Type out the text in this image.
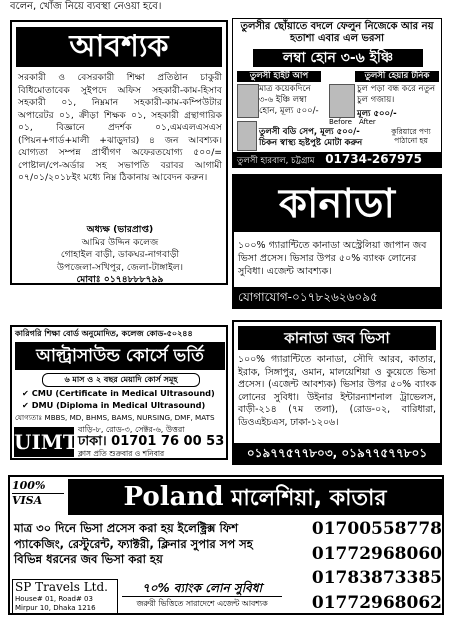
বলেন, খোঁজ নিয়ে ব্যবস্থা নেওয়া হবে।
আবশ্যক
সরকারী ও বেসরকারী শিক্ষা প্রতিষ্ঠান চাকুরী বিধিমোতাবেক সুইপদে অফিস সহকারী-কাম-হিসাব সহকারী ০১, নিম্নমান সহকারী-কাম-কম্পিউটার অপারেটর ০১, ক্রীড়া শিক্ষক ০১, সহকারী গ্রন্থাগারিক ০১, বিজ্ঞানে প্রদর্শক ০১,এমএলএসএস (পিয়ন+গার্ড+মালী +ঝাড়ুদার) ৪ জন আবশ্যক। যোগ্যতা সম্পন্ন প্রার্থীগণ অফেরতযোগ্য ৫০০/= পোষ্টাল/পে-অর্ডার সহ সভাপতি বরাবর আগামী ০৭/০১/২০১৮ইং মধ্যে নিম্ন ঠিকানায় আবেদন করুন।
অধ্যক্ষ (ভারপ্রাপ্ত)
আমির উদ্দিন কলেজ
গোহাইল বাড়ী, ডাকঘর-নাগবাড়ী
উপজেলা-সখিপুর, জেলা-টাঙ্গাইল।
মোবাঃ ০১৭৪৮৮৮৭৯৯
তুলসীর ছোঁয়াতে বদলে ফেলুন নিজেকে আর নয় হতাশা এবার এল ভরসা
লম্বা হোন ৩-৬ ইঞ্চি
তুলসী হাইট আপ	তুলসী হেয়ার টনিক
মাত্র কয়েকদিনে ৩-৬ ইঞ্চি লম্বা হোন, মূল্য ৫০০/-
চুল পড়া বন্ধ করে নতুন চুল গজায়।
মূল্য ৫০০/-
Before	After
তুলসী বডি সেপ, মূল্য ৫০০/- চিকন স্বাস্থ্য হৃষ্টপুষ্ট মোটা করুন
কুরিয়ারে পণ্য পাঠানো হয়
তুলসী হারবাল, চট্টগ্রাম 01734-267975
কানাডা
১০০% গ্যারান্টিতে কানাডা অস্ট্রেলিয়া জাপান জব ভিসা প্রসেস। ভিসার উপর ৫০% ব্যাংক লোনের সুবিধা। এজেন্ট আবশ্যক।
যোগাযোগ-০১৭৮২৬২৬০৯৫
কারিগরি শিক্ষা বোর্ড অনুমোদিত, কলেজ কোড-৫০২৪৪
আল্ট্রাসাউন্ড কোর্সে ভর্তি
৬ মাস ও ২ বছর মেয়াদি কোর্স সমূহ
✔ CMU (Certificate in Medical Ultrasound)
✔ DMU (Diploma in Medical Ultrasound)
যোগ্যতাঃ MBBS, MD, BHMS, BAMS, NURSING, DMF, MATS
UIMT
বাড়ি-৮, রোড-৩, সেক্টর-৬, উত্তরা
ঢাকা। 01701 76 00 53
ক্লাস প্রতি শুক্রবার ও শনিবার
কানাডা জব ভিসা
১০০% গ্যারান্টিতে কানাডা, সৌদি আরব, কাতার, ইরাক, সিঙ্গাপুর, ওমান, মালয়েশিয়া ও কুয়েতে ভিসা প্রসেস। (এজেন্ট আবশ্যক) ভিসার উপর ৫০% ব্যাংক লোনের সুবিধা। উইনার ইন্টারন্যাশনাল ট্রাভেলস, বাড়ী-২১৪ (৭ম তলা), (রোড-০২, বারিধারা, ডিওএইচএস, ঢাকা-১২০৬।
০১৯৭৭৫৭৭৮০৩, ০১৯৭৭৫৭৭৮০১
100%
VISA	Poland মালেশিয়া, কাতার
মাত্র ৩০ দিনে ভিসা প্রসেস করা হয় ইলেক্ট্রিক্স ফিশ প্যাকেজিং, রেস্টুরেন্ট, ফ্যাক্টরী, ক্লিনার সুপার সপ সহ বিভিন্ন ধরনের জব ভিসা করা হয়
01700558778
01772968060
01783873385
01772968062
SP Travels Ltd.
House# 01, Road# 03
Mirpur 10, Dhaka 1216
৭০% ব্যাংক লোন সুবিধা
জরুরী ভিত্তিতে সারাদেশে এজেন্ট আবশ্যক
